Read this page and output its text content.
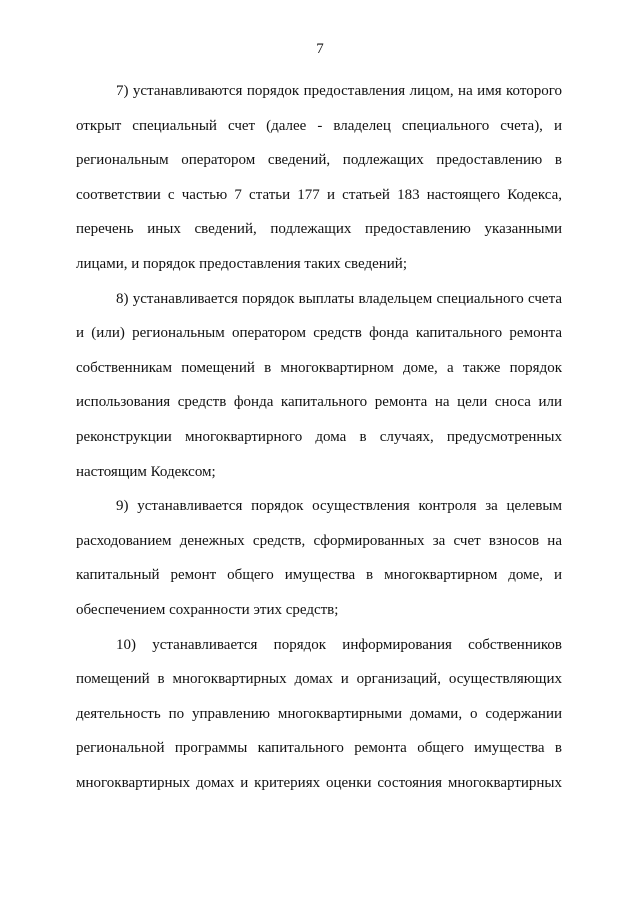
7

7) устанавливаются порядок предоставления лицом, на имя которого открыт специальный счет (далее - владелец специального счета), и региональным оператором сведений, подлежащих предоставлению в соответствии с частью 7 статьи 177 и статьей 183 настоящего Кодекса, перечень иных сведений, подлежащих предоставлению указанными лицами, и порядок предоставления таких сведений;

8) устанавливается порядок выплаты владельцем специального счета и (или) региональным оператором средств фонда капитального ремонта собственникам помещений в многоквартирном доме, а также порядок использования средств фонда капитального ремонта на цели сноса или реконструкции многоквартирного дома в случаях, предусмотренных настоящим Кодексом;

9) устанавливается порядок осуществления контроля за целевым расходованием денежных средств, сформированных за счет взносов на капитальный ремонт общего имущества в многоквартирном доме, и обеспечением сохранности этих средств;

10) устанавливается порядок информирования собственников помещений в многоквартирных домах и организаций, осуществляющих деятельность по управлению многоквартирными домами, о содержании региональной программы капитального ремонта общего имущества в многоквартирных домах и критериях оценки состояния многоквартирных
